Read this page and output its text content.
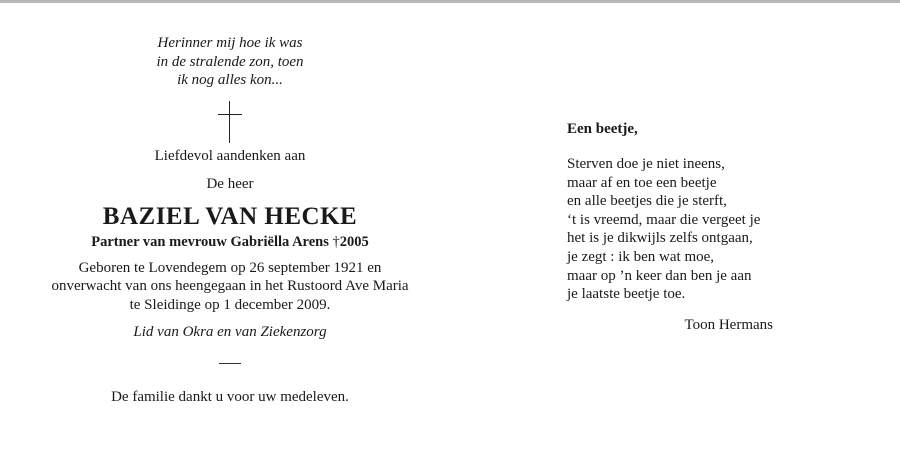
Herinner mij hoe ik was
in de stralende zon, toen
ik nog alles kon...
Liefdevol aandenken aan
De heer
BAZIEL VAN HECKE
Partner van mevrouw Gabriëlla Arens †2005
Geboren te Lovendegem op 26 september 1921 en
onverwacht van ons heengegaan in het Rustoord Ave Maria
te Sleidinge op 1 december 2009.
Lid van Okra en van Ziekenzorg
De familie dankt u voor uw medeleven.
Een beetje,
Sterven doe je niet ineens,
maar af en toe een beetje
en alle beetjes die je sterft,
‘t is vreemd, maar die vergeet je
het is je dikwijls zelfs ontgaan,
je zegt : ik ben wat moe,
maar op ’n keer dan ben je aan
je laatste beetje toe.
Toon Hermans
